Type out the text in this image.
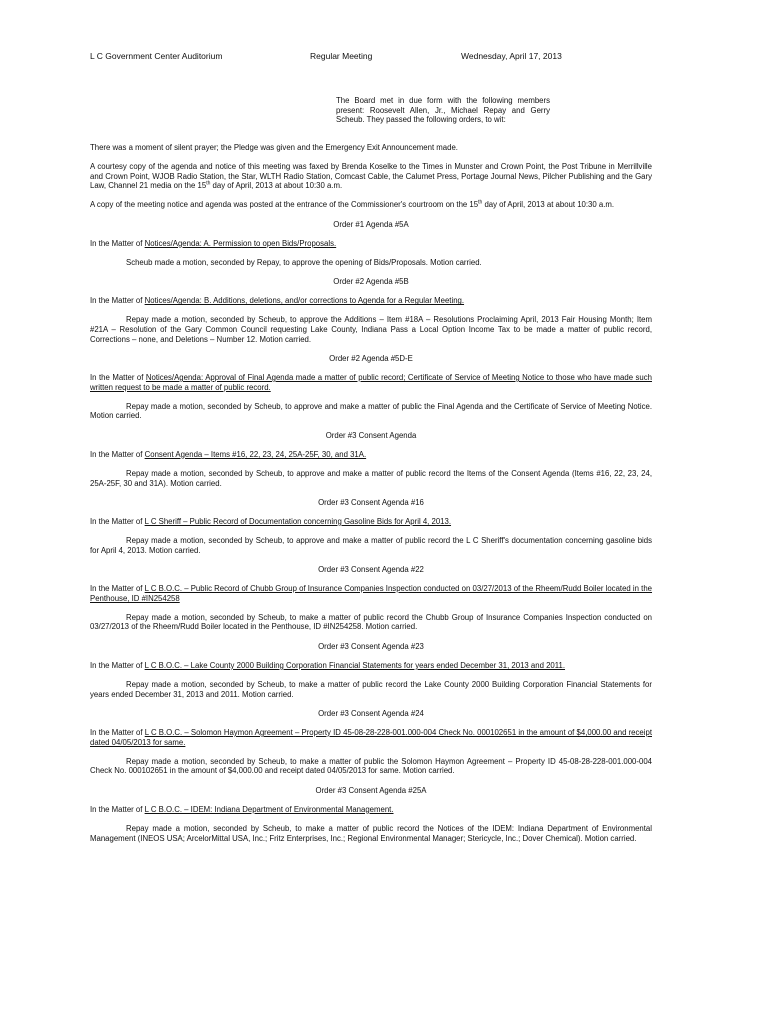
L C Government Center Auditorium	Regular Meeting	Wednesday, April 17, 2013

The Board met in due form with the following members present: Roosevelt Allen, Jr., Michael Repay and Gerry Scheub. They passed the following orders, to wit:

There was a moment of silent prayer; the Pledge was given and the Emergency Exit Announcement made.

A courtesy copy of the agenda and notice of this meeting was faxed by Brenda Koselke to the Times in Munster and Crown Point, the Post Tribune in Merrillville and Crown Point, WJOB Radio Station, the Star, WLTH Radio Station, Comcast Cable, the Calumet Press, Portage Journal News, Pilcher Publishing and the Gary Law, Channel 21 media on the 15th day of April, 2013 at about 10:30 a.m.

A copy of the meeting notice and agenda was posted at the entrance of the Commissioner's courtroom on the 15th day of April, 2013 at about 10:30 a.m.

Order #1 Agenda #5A

In the Matter of Notices/Agenda: A. Permission to open Bids/Proposals.

Scheub made a motion, seconded by Repay, to approve the opening of Bids/Proposals. Motion carried.

Order #2 Agenda #5B

In the Matter of Notices/Agenda: B. Additions, deletions, and/or corrections to Agenda for a Regular Meeting.

Repay made a motion, seconded by Scheub, to approve the Additions – Item #18A – Resolutions Proclaiming April, 2013 Fair Housing Month; Item #21A – Resolution of the Gary Common Council requesting Lake County, Indiana Pass a Local Option Income Tax to be made a matter of public record, Corrections – none, and Deletions – Number 12. Motion carried.

Order #2 Agenda #5D-E

In the Matter of Notices/Agenda: Approval of Final Agenda made a matter of public record; Certificate of Service of Meeting Notice to those who have made such written request to be made a matter of public record.

Repay made a motion, seconded by Scheub, to approve and make a matter of public the Final Agenda and the Certificate of Service of Meeting Notice. Motion carried.

Order #3 Consent Agenda

In the Matter of Consent Agenda – Items #16, 22, 23, 24, 25A-25F, 30, and 31A.

Repay made a motion, seconded by Scheub, to approve and make a matter of public record the Items of the Consent Agenda (Items #16, 22, 23, 24, 25A-25F, 30 and 31A). Motion carried.

Order #3 Consent Agenda #16

In the Matter of L C Sheriff – Public Record of Documentation concerning Gasoline Bids for April 4, 2013.

Repay made a motion, seconded by Scheub, to approve and make a matter of public record the L C Sheriff's documentation concerning gasoline bids for April 4, 2013. Motion carried.

Order #3 Consent Agenda #22

In the Matter of L C B.O.C. – Public Record of Chubb Group of Insurance Companies Inspection conducted on 03/27/2013 of the Rheem/Rudd Boiler located in the Penthouse, ID #IN254258

Repay made a motion, seconded by Scheub, to make a matter of public record the Chubb Group of Insurance Companies Inspection conducted on 03/27/2013 of the Rheem/Rudd Boiler located in the Penthouse, ID #IN254258. Motion carried.

Order #3 Consent Agenda #23

In the Matter of L C B.O.C. – Lake County 2000 Building Corporation Financial Statements for years ended December 31, 2013 and 2011.

Repay made a motion, seconded by Scheub, to make a matter of public record the Lake County 2000 Building Corporation Financial Statements for years ended December 31, 2013 and 2011. Motion carried.

Order #3 Consent Agenda #24

In the Matter of L C B.O.C. – Solomon Haymon Agreement – Property ID 45-08-28-228-001.000-004 Check No. 000102651 in the amount of $4,000.00 and receipt dated 04/05/2013 for same.

Repay made a motion, seconded by Scheub, to make a matter of public the Solomon Haymon Agreement – Property ID 45-08-28-228-001.000-004 Check No. 000102651 in the amount of $4,000.00 and receipt dated 04/05/2013 for same. Motion carried.

Order #3 Consent Agenda #25A

In the Matter of L C B.O.C. – IDEM: Indiana Department of Environmental Management.

Repay made a motion, seconded by Scheub, to make a matter of public record the Notices of the IDEM: Indiana Department of Environmental Management (INEOS USA; ArcelorMittal USA, Inc.; Fritz Enterprises, Inc.; Regional Environmental Manager; Stericycle, Inc.; Dover Chemical). Motion carried.
